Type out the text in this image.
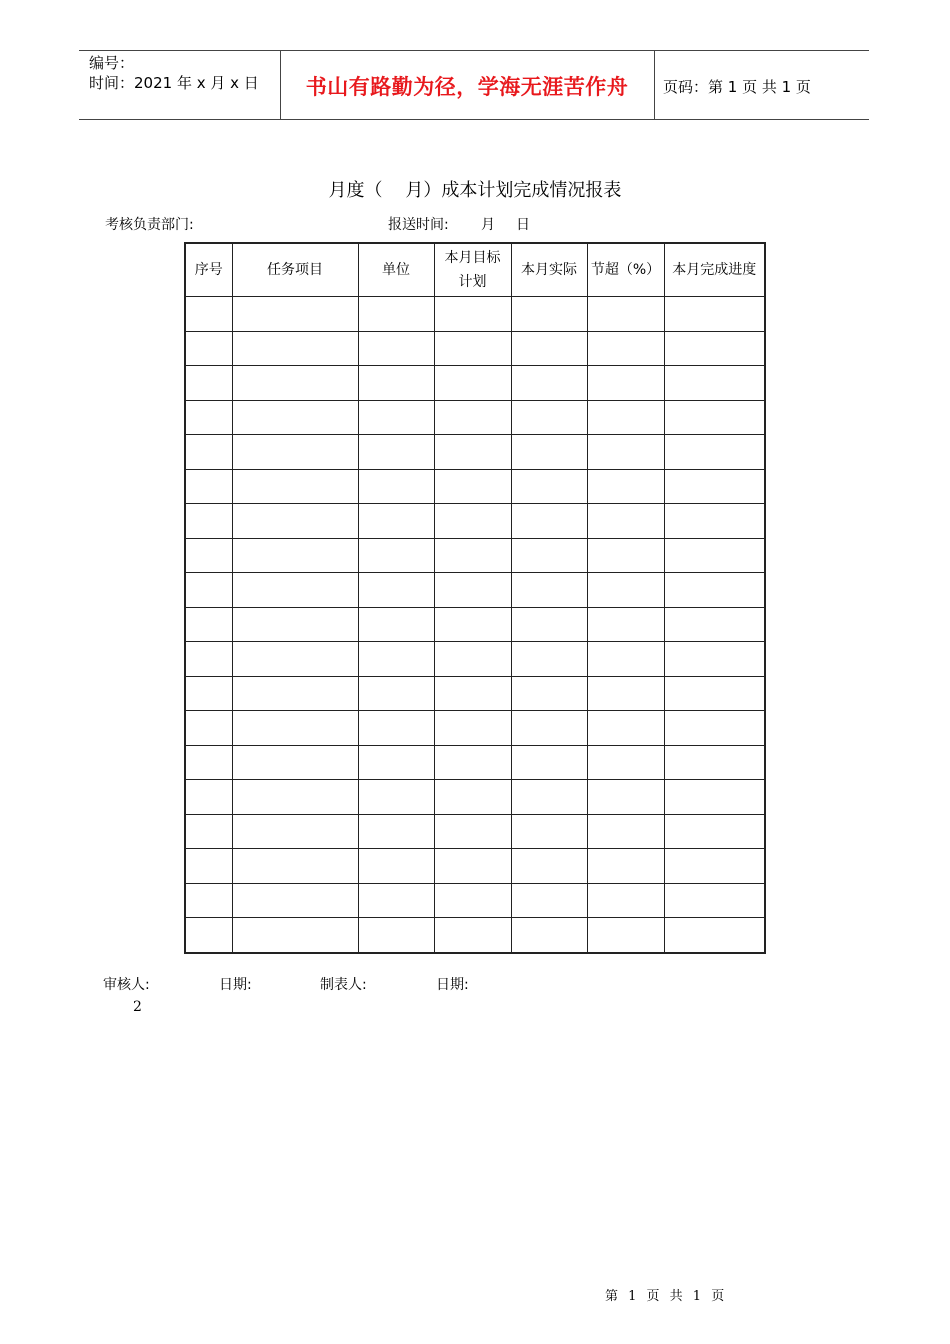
编号：
时间：2021 年 x 月 x 日	书山有路勤为径，学海无涯苦作舟	页码：第 1 页 共 1 页
月度（    月）成本计划完成情况报表
考核负责部门:	报送时间: 月 日
序号	任务项目	单位	本月目标计划	本月实际	节超（%）	本月完成进度

审核人:	日期:	制表人:	日期:
2
第 1 页 共 1 页
